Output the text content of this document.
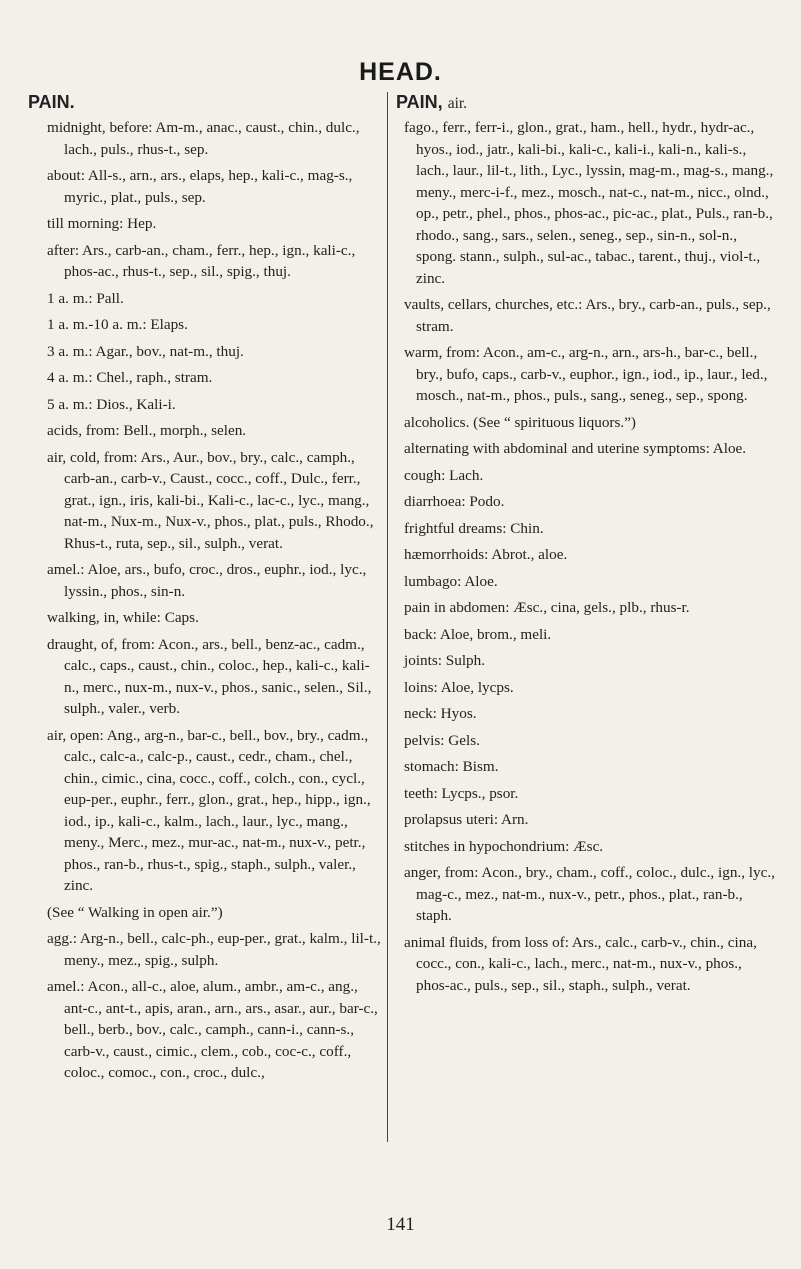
HEAD.
PAIN.
midnight, before: Am-m., anac., caust., chin., dulc., lach., puls., rhus-t., sep.
about: All-s., arn., ars., elaps, hep., kali-c., mag-s., myric., plat., puls., sep.
till morning: Hep.
after: Ars., carb-an., cham., ferr., hep., ign., kali-c., phos-ac., rhus-t., sep., sil., spig., thuj.
1 a. m.: Pall.
1 a. m.-10 a. m.: Elaps.
3 a. m.: Agar., bov., nat-m., thuj.
4 a. m.: Chel., raph., stram.
5 a. m.: Dios., Kali-i.
acids, from: Bell., morph., selen.
air, cold, from: Ars., Aur., bov., bry., calc., camph., carb-an., carb-v., Caust., cocc., coff., Dulc., ferr., grat., ign., iris, kali-bi., Kali-c., lac-c., lyc., mang., nat-m., Nux-m., Nux-v., phos., plat., puls., Rhodo., Rhus-t., ruta, sep., sil., sulph., verat.
amel.: Aloe, ars., bufo, croc., dros., euphr., iod., lyc., lyssin., phos., sin-n.
walking, in, while: Caps.
draught, of, from: Acon., ars., bell., benz-ac., cadm., calc., caps., caust., chin., coloc., hep., kali-c., kali-n., merc., nux-m., nux-v., phos., sanic., selen., Sil., sulph., valer., verb.
air, open: Ang., arg-n., bar-c., bell., bov., bry., cadm., calc., calc-a., calc-p., caust., cedr., cham., chel., chin., cimic., cina, cocc., coff., colch., con., cycl., eup-per., euphr., ferr., glon., grat., hep., hipp., ign., iod., ip., kali-c., kalm., lach., laur., lyc., mang., meny., Merc., mez., mur-ac., nat-m., nux-v., petr., phos., ran-b., rhus-t., spig., staph., sulph., valer., zinc.
(See “ Walking in open air.”)
agg.: Arg-n., bell., calc-ph., eup-per., grat., kalm., lil-t., meny., mez., spig., sulph.
amel.: Acon., all-c., aloe, alum., ambr., am-c., ang., ant-c., ant-t., apis, aran., arn., ars., asar., aur., bar-c., bell., berb., bov., calc., camph., cann-i., cann-s., carb-v., caust., cimic., clem., cob., coc-c., coff., coloc., comoc., con., croc., dulc.,
PAIN, air.
fago., ferr., ferr-i., glon., grat., ham., hell., hydr., hydr-ac., hyos., iod., jatr., kali-bi., kali-c., kali-i., kali-n., kali-s., lach., laur., lil-t., lith., Lyc., lyssin, mag-m., mag-s., mang., meny., merc-i-f., mez., mosch., nat-c., nat-m., nicc., olnd., op., petr., phel., phos., phos-ac., pic-ac., plat., Puls., ran-b., rhodo., sang., sars., selen., seneg., sep., sin-n., sol-n., spong. stann., sulph., sul-ac., tabac., tarent., thuj., viol-t., zinc.
vaults, cellars, churches, etc.: Ars., bry., carb-an., puls., sep., stram.
warm, from: Acon., am-c., arg-n., arn., ars-h., bar-c., bell., bry., bufo, caps., carb-v., euphor., ign., iod., ip., laur., led., mosch., nat-m., phos., puls., sang., seneg., sep., spong.
alcoholics. (See “ spirituous liquors.”)
alternating with abdominal and uterine symptoms: Aloe.
cough: Lach.
diarrhoea: Podo.
frightful dreams: Chin.
hæmorrhoids: Abrot., aloe.
lumbago: Aloe.
pain in abdomen: Æsc., cina, gels., plb., rhus-r.
back: Aloe, brom., meli.
joints: Sulph.
loins: Aloe, lycps.
neck: Hyos.
pelvis: Gels.
stomach: Bism.
teeth: Lycps., psor.
prolapsus uteri: Arn.
stitches in hypochondrium: Æsc.
anger, from: Acon., bry., cham., coff., coloc., dulc., ign., lyc., mag-c., mez., nat-m., nux-v., petr., phos., plat., ran-b., staph.
animal fluids, from loss of: Ars., calc., carb-v., chin., cina, cocc., con., kali-c., lach., merc., nat-m., nux-v., phos., phos-ac., puls., sep., sil., staph., sulph., verat.
141
